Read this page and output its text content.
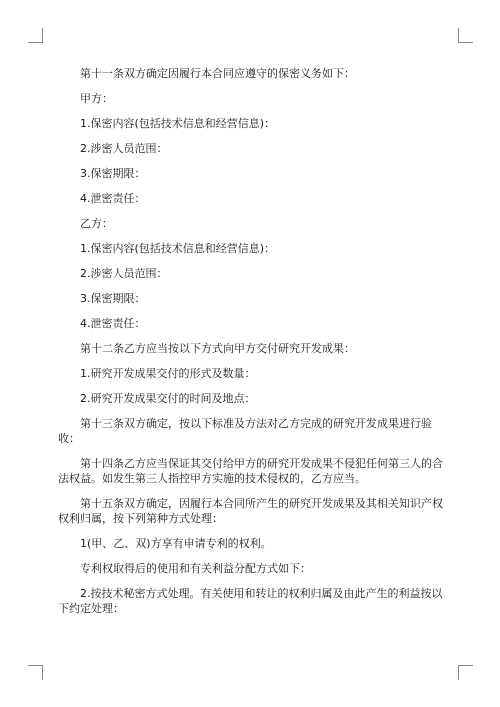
第十一条双方确定因履行本合同应遵守的保密义务如下：

甲方：

1.保密内容(包括技术信息和经营信息)：

2.涉密人员范围：

3.保密期限：

4.泄密责任：

乙方：

1.保密内容(包括技术信息和经营信息)：

2.涉密人员范围：

3.保密期限：

4.泄密责任：

第十二条乙方应当按以下方式向甲方交付研究开发成果：

1.研究开发成果交付的形式及数量：

2.研究开发成果交付的时间及地点：

第十三条双方确定，按以下标准及方法对乙方完成的研究开发成果进行验收：

第十四条乙方应当保证其交付给甲方的研究开发成果不侵犯任何第三人的合法权益。如发生第三人指控甲方实施的技术侵权的，乙方应当。

第十五条双方确定，因履行本合同所产生的研究开发成果及其相关知识产权权利归属，按下列第种方式处理：

1(甲、乙、双)方享有申请专利的权利。

专利权取得后的使用和有关利益分配方式如下：

2.按技术秘密方式处理。有关使用和转让的权利归属及由此产生的利益按以下约定处理：
